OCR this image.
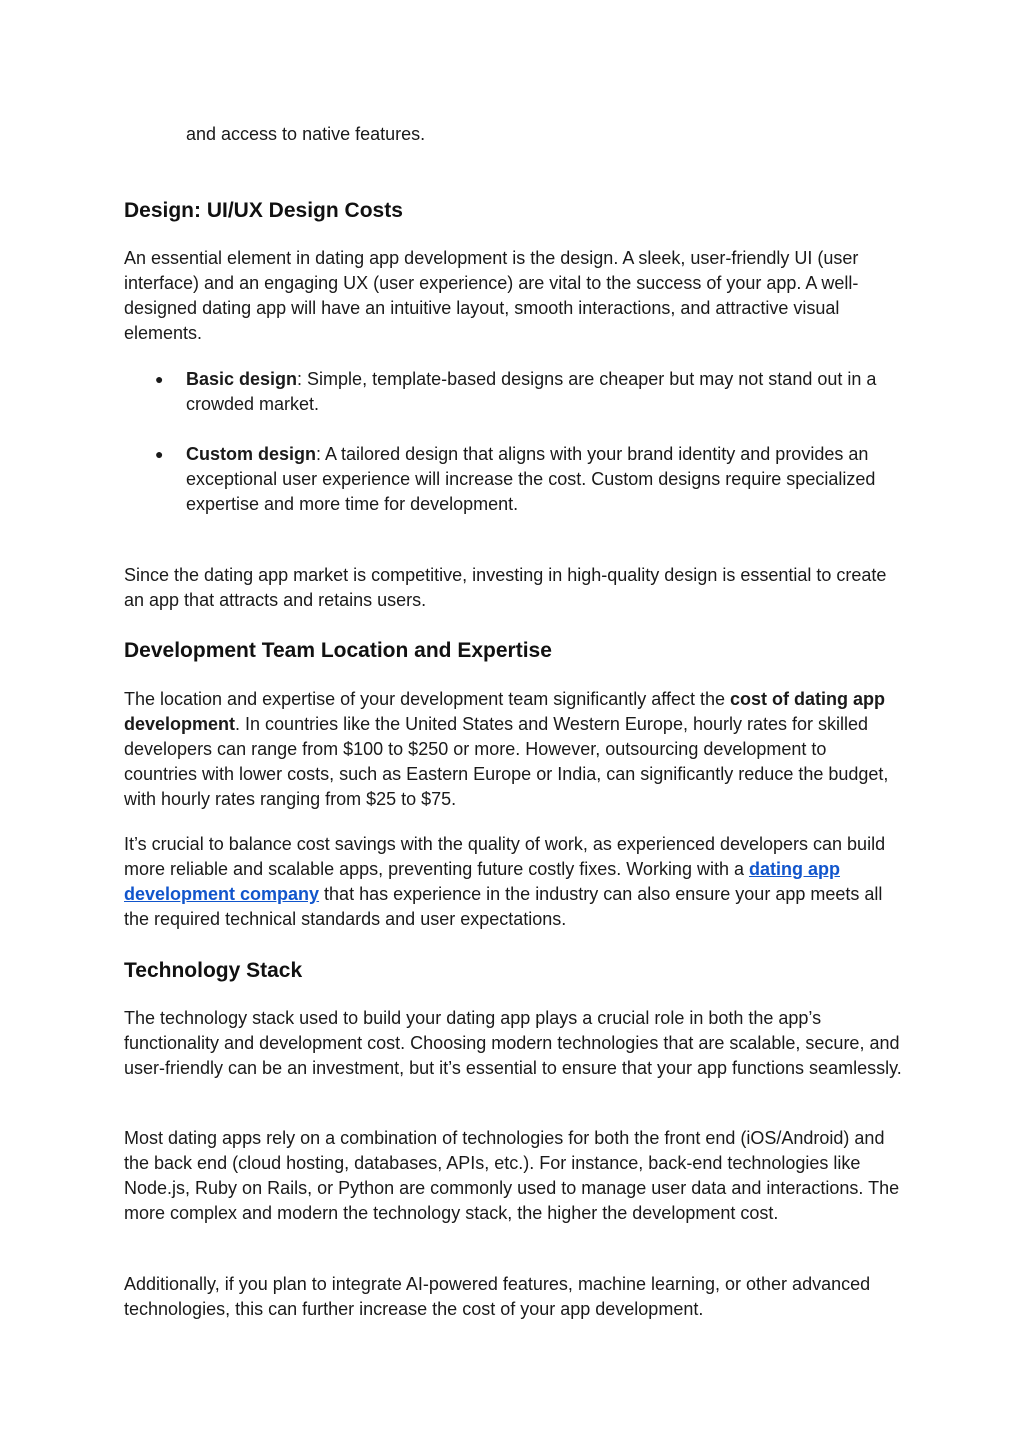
and access to native features.

Design: UI/UX Design Costs

An essential element in dating app development is the design. A sleek, user-friendly UI (user interface) and an engaging UX (user experience) are vital to the success of your app. A well-designed dating app will have an intuitive layout, smooth interactions, and attractive visual elements.

● Basic design: Simple, template-based designs are cheaper but may not stand out in a crowded market.

● Custom design: A tailored design that aligns with your brand identity and provides an exceptional user experience will increase the cost. Custom designs require specialized expertise and more time for development.

Since the dating app market is competitive, investing in high-quality design is essential to create an app that attracts and retains users.

Development Team Location and Expertise

The location and expertise of your development team significantly affect the cost of dating app development. In countries like the United States and Western Europe, hourly rates for skilled developers can range from $100 to $250 or more. However, outsourcing development to countries with lower costs, such as Eastern Europe or India, can significantly reduce the budget, with hourly rates ranging from $25 to $75.

It’s crucial to balance cost savings with the quality of work, as experienced developers can build more reliable and scalable apps, preventing future costly fixes. Working with a dating app development company that has experience in the industry can also ensure your app meets all the required technical standards and user expectations.

Technology Stack

The technology stack used to build your dating app plays a crucial role in both the app’s functionality and development cost. Choosing modern technologies that are scalable, secure, and user-friendly can be an investment, but it’s essential to ensure that your app functions seamlessly.

Most dating apps rely on a combination of technologies for both the front end (iOS/Android) and the back end (cloud hosting, databases, APIs, etc.). For instance, back-end technologies like Node.js, Ruby on Rails, or Python are commonly used to manage user data and interactions. The more complex and modern the technology stack, the higher the development cost.

Additionally, if you plan to integrate AI-powered features, machine learning, or other advanced technologies, this can further increase the cost of your app development.
